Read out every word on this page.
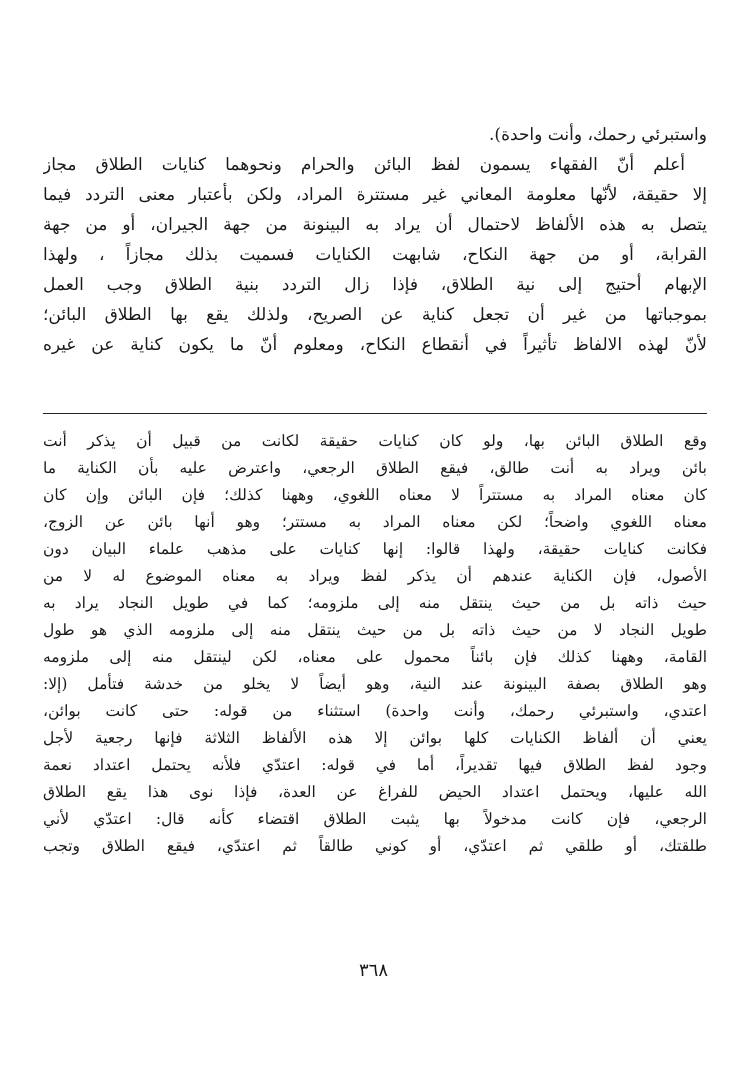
واستبرئي رحمك، وأنت واحدة).
أعلم أنّ الفقهاء يسمون لفظ البائن والحرام ونحوهما كنايات الطلاق مجاز
إلا حقيقة، لأنّها معلومة المعاني غير مستترة المراد، ولكن بأعتبار معنى التردد فيما
يتصل به هذه الألفاظ لاحتمال أن يراد به البينونة من جهة الجيران، أو من جهة
القرابة، أو من جهة النكاح، شابهت الكنايات فسميت بذلك مجازاً ، ولهذا
الإبهام أحتيج إلى نية الطلاق، فإذا زال التردد بنية الطلاق وجب العمل
بموجباتها من غير أن تجعل كناية عن الصريح، ولذلك يقع بها الطلاق البائن؛
لأنّ لهذه الالفاظ تأثيراً في أنقطاع النكاح، ومعلوم أنّ ما يكون كناية عن غيره
وقع الطلاق البائن بها، ولو كان كنايات حقيقة لكانت من قبيل أن يذكر أنت
بائن ويراد به أنت طالق، فيقع الطلاق الرجعي، واعترض عليه بأن الكناية ما
كان معناه المراد به مستتراً لا معناه اللغوي، وههنا كذلك؛ فإن البائن وإن كان
معناه اللغوي واضحاً؛ لكن معناه المراد به مستتر؛ وهو أنها بائن عن الزوج،
فكانت كنايات حقيقة، ولهذا قالوا: إنها كنايات على مذهب علماء البيان دون
الأصول، فإن الكناية عندهم أن يذكر لفظ ويراد به معناه الموضوع له لا من
حيث ذاته بل من حيث ينتقل منه إلى ملزومه؛ كما في طويل النجاد يراد به
طويل النجاد لا من حيث ذاته بل من حيث ينتقل منه إلى ملزومه الذي هو طول
القامة، وههنا كذلك فإن بائناً محمول على معناه، لكن لينتقل منه إلى ملزومه
وهو الطلاق بصفة البينونة عند النية، وهو أيضاً لا يخلو من خدشة فتأمل (إلا:
اعتدي، واستبرئي رحمك، وأنت واحدة) استثناء من قوله: حتى كانت بوائن،
يعني أن ألفاظ الكنايات كلها بوائن إلا هذه الألفاظ الثلاثة فإنها رجعية لأجل
وجود لفظ الطلاق فيها تقديراً، أما في قوله: اعتدّي فلأنه يحتمل اعتداد نعمة
الله عليها، ويحتمل اعتداد الحيض للفراغ عن العدة، فإذا نوى هذا يقع الطلاق
الرجعي، فإن كانت مدخولاً بها يثبت الطلاق اقتضاء كأنه قال: اعتدّي لأني
طلقتك، أو طلقي ثم اعتدّي، أو كوني طالقاً ثم اعتدّي، فيقع الطلاق وتجب
٣٦٨
